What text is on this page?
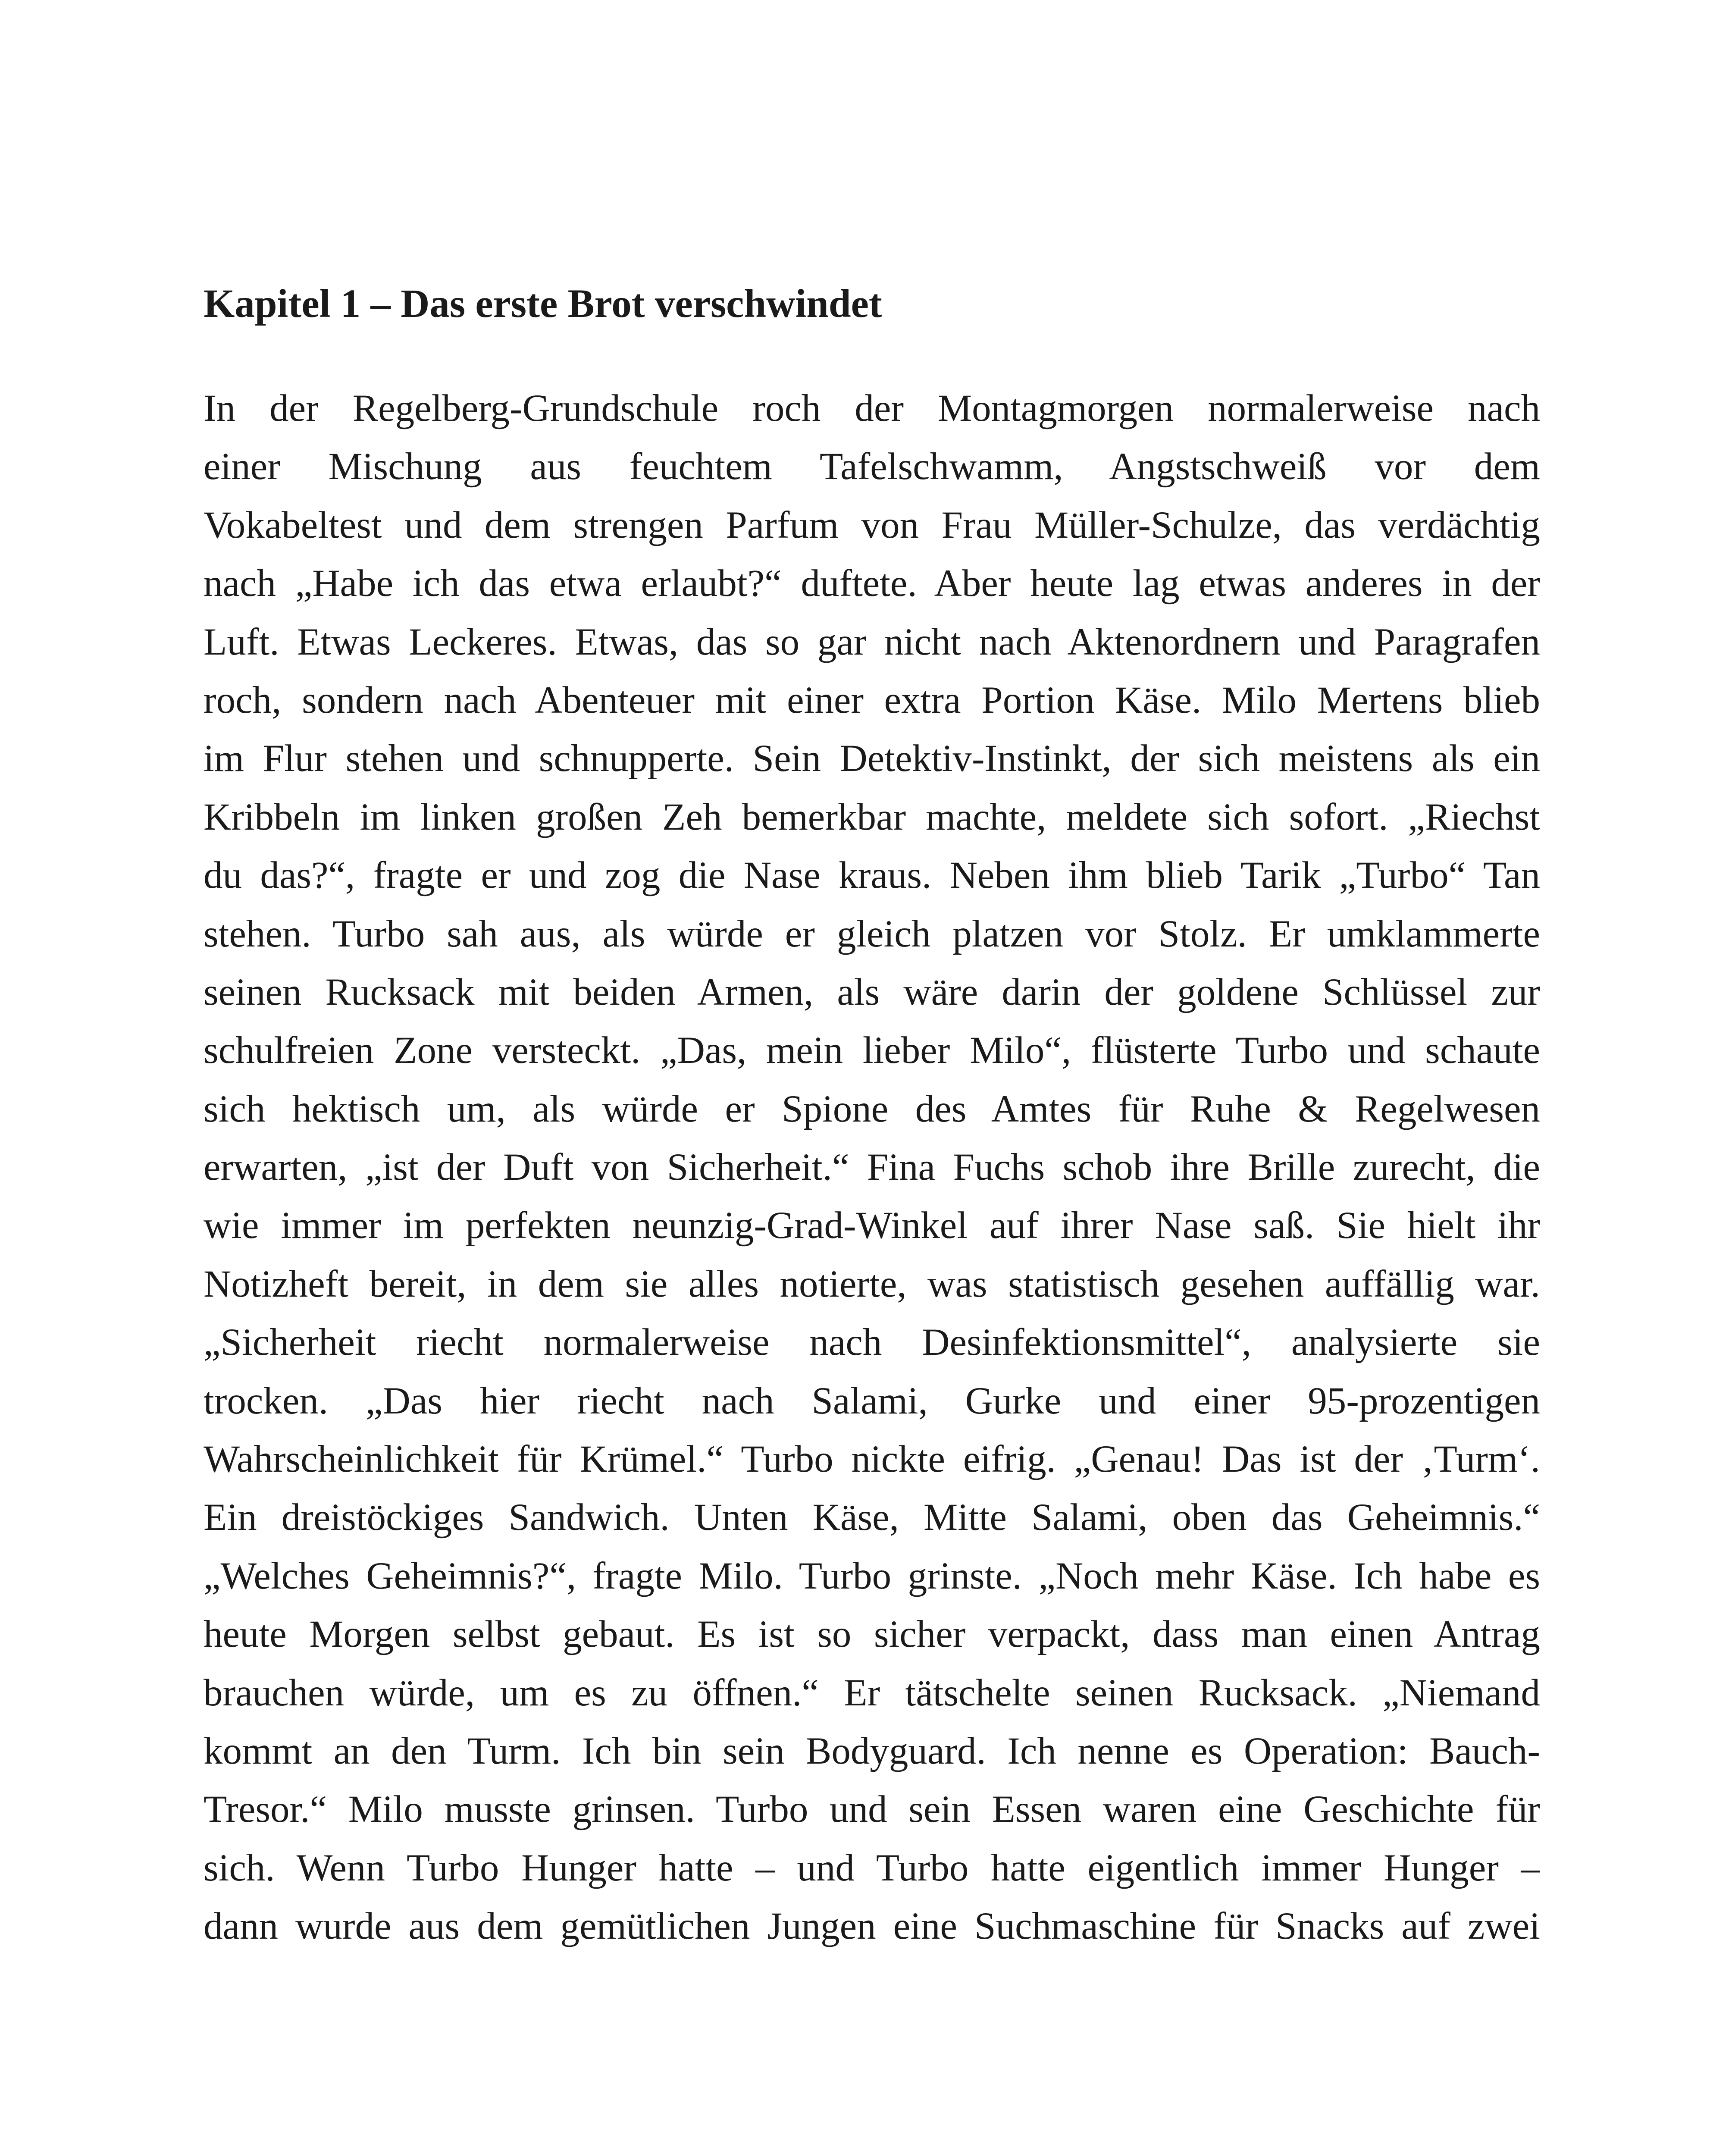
Kapitel 1 – Das erste Brot verschwindet
In der Regelberg-Grundschule roch der Montagmorgen normalerweise nach
einer Mischung aus feuchtem Tafelschwamm, Angstschweiß vor dem
Vokabeltest und dem strengen Parfum von Frau Müller-Schulze, das verdächtig
nach „Habe ich das etwa erlaubt?“ duftete. Aber heute lag etwas anderes in der
Luft. Etwas Leckeres. Etwas, das so gar nicht nach Aktenordnern und Paragrafen
roch, sondern nach Abenteuer mit einer extra Portion Käse. Milo Mertens blieb
im Flur stehen und schnupperte. Sein Detektiv-Instinkt, der sich meistens als ein
Kribbeln im linken großen Zeh bemerkbar machte, meldete sich sofort. „Riechst
du das?“, fragte er und zog die Nase kraus. Neben ihm blieb Tarik „Turbo“ Tan
stehen. Turbo sah aus, als würde er gleich platzen vor Stolz. Er umklammerte
seinen Rucksack mit beiden Armen, als wäre darin der goldene Schlüssel zur
schulfreien Zone versteckt. „Das, mein lieber Milo“, flüsterte Turbo und schaute
sich hektisch um, als würde er Spione des Amtes für Ruhe & Regelwesen
erwarten, „ist der Duft von Sicherheit.“ Fina Fuchs schob ihre Brille zurecht, die
wie immer im perfekten neunzig-Grad-Winkel auf ihrer Nase saß. Sie hielt ihr
Notizheft bereit, in dem sie alles notierte, was statistisch gesehen auffällig war.
„Sicherheit riecht normalerweise nach Desinfektionsmittel“, analysierte sie
trocken. „Das hier riecht nach Salami, Gurke und einer 95-prozentigen
Wahrscheinlichkeit für Krümel.“ Turbo nickte eifrig. „Genau! Das ist der ‚Turm‘.
Ein dreistöckiges Sandwich. Unten Käse, Mitte Salami, oben das Geheimnis.“
„Welches Geheimnis?“, fragte Milo. Turbo grinste. „Noch mehr Käse. Ich habe es
heute Morgen selbst gebaut. Es ist so sicher verpackt, dass man einen Antrag
brauchen würde, um es zu öffnen.“ Er tätschelte seinen Rucksack. „Niemand
kommt an den Turm. Ich bin sein Bodyguard. Ich nenne es Operation: Bauch-
Tresor.“ Milo musste grinsen. Turbo und sein Essen waren eine Geschichte für
sich. Wenn Turbo Hunger hatte – und Turbo hatte eigentlich immer Hunger –
dann wurde aus dem gemütlichen Jungen eine Suchmaschine für Snacks auf zwei
